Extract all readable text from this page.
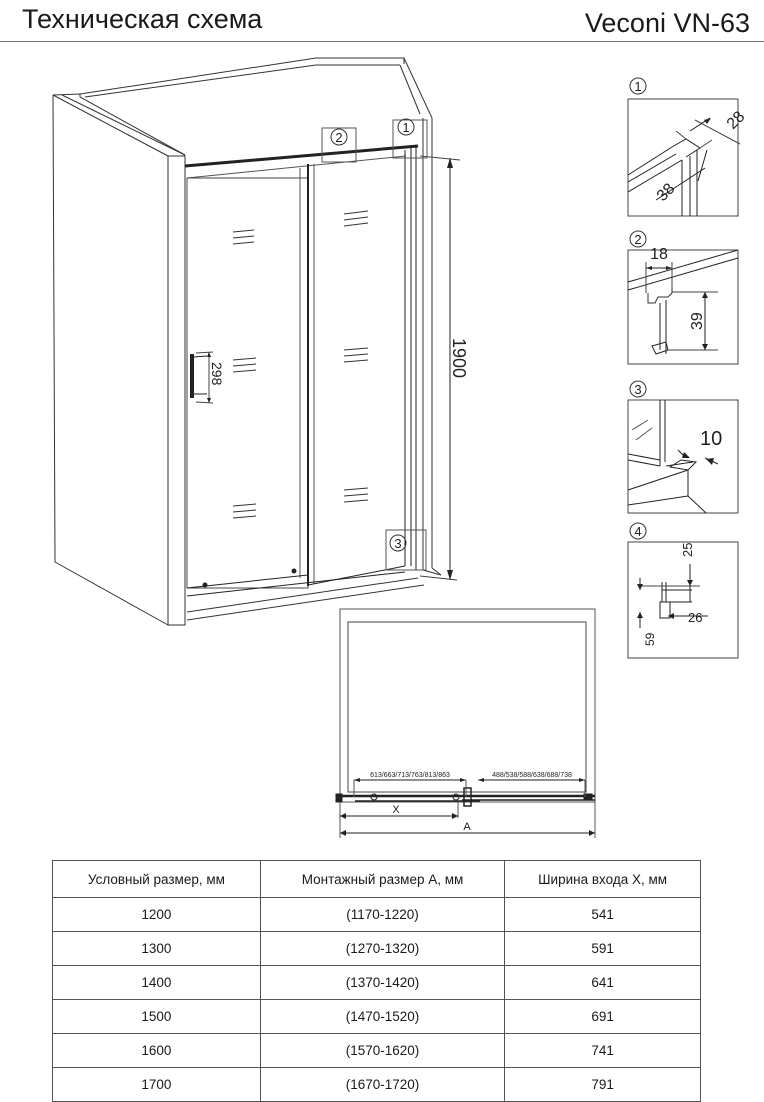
Техническая схема	Veconi VN-63
298	1900
2
1
3
1
28
38
2
18
39
3
10
4
25
26
59
613/663/713/763/813/863	488/538/588/638/688/738
X
A
Условный размер, мм	Монтажный размер А, мм	Ширина входа Х, мм
1200	(1170-1220)	541
1300	(1270-1320)	591
1400	(1370-1420)	641
1500	(1470-1520)	691
1600	(1570-1620)	741
1700	(1670-1720)	791
